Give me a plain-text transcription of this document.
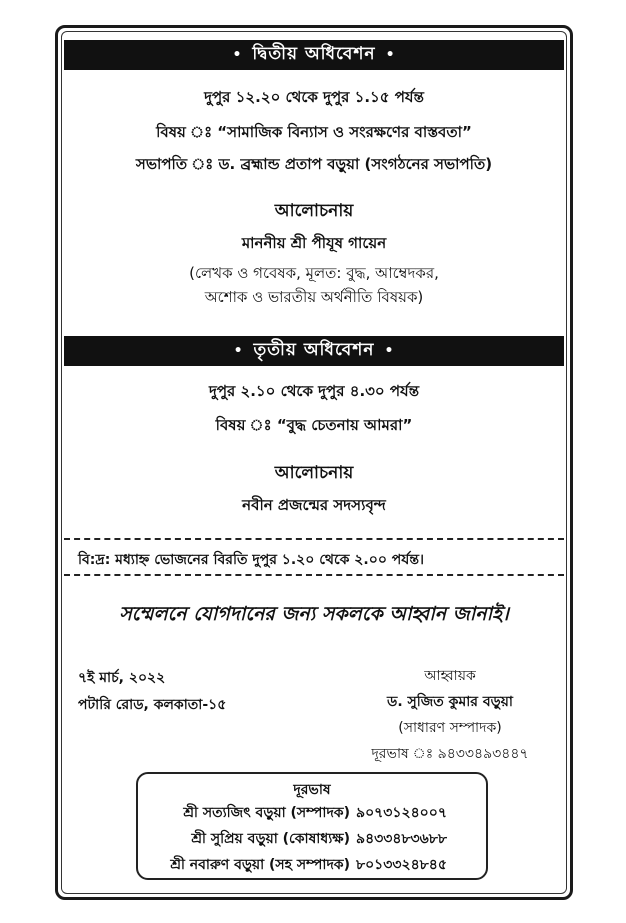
• দ্বিতীয় অধিবেশন •
দুপুর ১২.২০ থেকে দুপুর ১.১৫ পর্যন্ত
বিষয় ঃ “সামাজিক বিন্যাস ও সংরক্ষণের বাস্তবতা”
সভাপতি ঃ ড. ব্রহ্মান্ড প্রতাপ বড়ুয়া (সংগঠনের সভাপতি)
আলোচনায়
মাননীয় শ্রী পীযূষ গায়েন
(লেখক ও গবেষক, মূলত: বুদ্ধ, আম্বেদকর,
অশোক ও ভারতীয় অর্থনীতি বিষয়ক)
• তৃতীয় অধিবেশন •
দুপুর ২.১০ থেকে দুপুর ৪.৩০ পর্যন্ত
বিষয় ঃ “বুদ্ধ চেতনায় আমরা”
আলোচনায়
নবীন প্রজন্মের সদস্যবৃন্দ
বি:দ্র: মধ্যাহ্ন ভোজনের বিরতি দুপুর ১.২০ থেকে ২.০০ পর্যন্ত।
সম্মেলনে যোগদানের জন্য সকলকে আহ্বান জানাই।
৭ই মার্চ, ২০২২
পটারি রোড, কলকাতা-১৫
আহ্বায়ক
ড. সুজিত কুমার বড়ুয়া
(সাধারণ সম্পাদক)
দূরভাষ ঃ ৯৪৩৩৪৯৩৪৪৭
দূরভাষ
শ্রী সত্যজিৎ বড়ুয়া (সম্পাদক) ৯০৭৩১২৪০০৭
শ্রী সুপ্রিয় বড়ুয়া (কোষাধ্যক্ষ) ৯৪৩৩৪৮৩৬৮৮
শ্রী নবারুণ বড়ুয়া (সহ সম্পাদক) ৮০১৩৩২৪৮৪৫
